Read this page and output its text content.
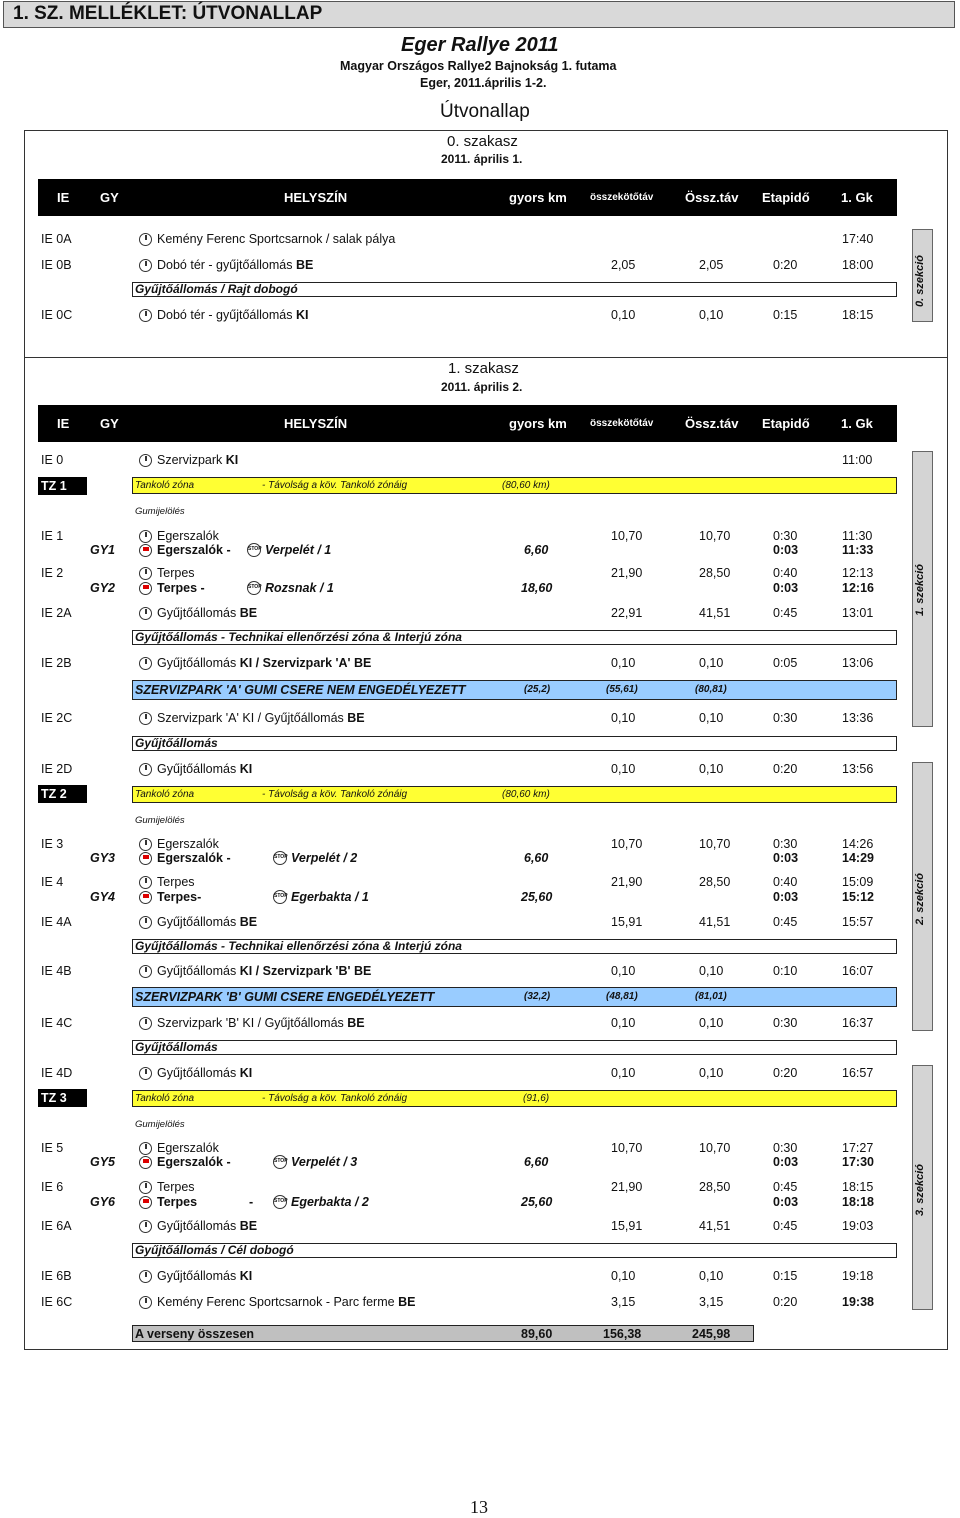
1. SZ. MELLÉKLET: ÚTVONALLAP
Eger Rallye 2011
Magyar Országos Rallye2 Bajnokság 1. futama
Eger, 2011.április 1-2.
Útvonallap
0. szakasz
2011. április 1.
1. szakasz
2011. április 2.
IE GY	HELYSZÍN	gyors km összekötőtáv Össz.táv Etapidő 1. Gk
IE GY	HELYSZÍN	gyors km összekötőtáv Össz.táv Etapidő 1. Gk
0. szekció
1. szekció
2. szekció
3. szekció
IE 0A	Kemény Ferenc Sportcsarnok / salak pálya	17:40
IE 0B	Dobó tér - gyűjtőállomás BE	2,05	2,05	0:20	18:00
IE 0C	Dobó tér - gyűjtőállomás KI	0,10	0,10	0:15	18:15
IE 0	Szervizpark KI	11:00
IE 1	Egerszalók	10,70	10,70	0:30	11:30
IE 2	Terpes	21,90	28,50	0:40	12:13
IE 2A	Gyűjtőállomás BE	22,91	41,51	0:45	13:01
IE 2B	Gyűjtőállomás KI / Szervizpark 'A' BE	0,10	0,10	0:05	13:06
IE 2C	Szervizpark 'A' KI / Gyűjtőállomás BE	0,10	0,10	0:30	13:36
IE 2D	Gyűjtőállomás KI	0,10	0,10	0:20	13:56
IE 3	Egerszalók	10,70	10,70	0:30	14:26
IE 4	Terpes	21,90	28,50	0:40	15:09
IE 4A	Gyűjtőállomás BE	15,91	41,51	0:45	15:57
IE 4B	Gyűjtőállomás KI / Szervizpark 'B' BE	0,10	0,10	0:10	16:07
IE 4C	Szervizpark 'B' KI / Gyűjtőállomás BE	0,10	0,10	0:30	16:37
IE 4D	Gyűjtőállomás KI	0,10	0,10	0:20	16:57
IE 5	Egerszalók	10,70	10,70	0:30	17:27
IE 6	Terpes	21,90	28,50	0:45	18:15
IE 6A	Gyűjtőállomás BE	15,91	41,51	0:45	19:03
IE 6B	Gyűjtőállomás KI	0,10	0,10	0:15	19:18
IE 6C	Kemény Ferenc Sportcsarnok - Parc ferme BE	3,15	3,15	0:20	19:38
GY1	Egerszalók -	STOP Verpelét / 1	6,60	0:03	11:33
GY2	Terpes -	STOP Rozsnak / 1	18,60	0:03	12:16
GY3	Egerszalók -	STOP Verpelét / 2	6,60	0:03	14:29
GY4	Terpes-	STOP Egerbakta / 1	25,60	0:03	15:12
GY5	Egerszalók -	STOP Verpelét / 3	6,60	0:03	17:30
GY6	Terpes	-	STOP Egerbakta / 2	25,60	0:03	18:18
Gyűjtőállomás / Rajt dobogó
Gyűjtőállomás - Technikai ellenőrzési zóna & Interjú zóna
Gyűjtőállomás
Gyűjtőállomás - Technikai ellenőrzési zóna & Interjú zóna
Gyűjtőállomás
Gyűjtőállomás / Cél dobogó
TZ 1	Tankoló zóna	- Távolság a köv. Tankoló zónáig	(80,60 km)
TZ 2	Tankoló zóna	- Távolság a köv. Tankoló zónáig	(80,60 km)
TZ 3	Tankoló zóna	- Távolság a köv. Tankoló zónáig	(91,6)
Gumijelölés
Gumijelölés
Gumijelölés
SZERVIZPARK 'A' GUMI CSERE NEM ENGEDÉLYEZETT	(25,2)	(55,61)	(80,81)
SZERVIZPARK 'B' GUMI CSERE ENGEDÉLYEZETT	(32,2)	(48,81)	(81,01)
A verseny összesen	89,60	156,38	245,98
13
